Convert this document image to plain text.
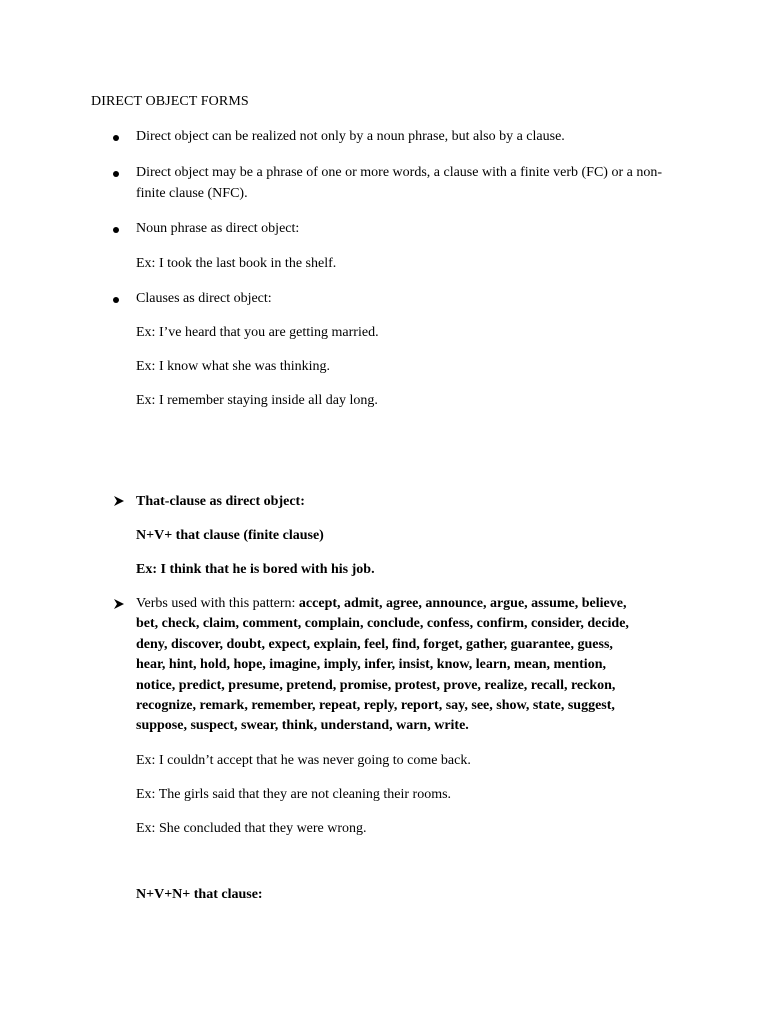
DIRECT OBJECT FORMS
Direct object can be realized not only by a noun phrase, but also by a clause.
Direct object may be a phrase of one or more words, a clause with a finite verb (FC) or a non- finite clause (NFC).
Noun phrase as direct object:
Ex: I took the last book in the shelf.
Clauses as direct object:
Ex: I’ve heard that you are getting married.
Ex: I know what she was thinking.
Ex: I remember staying inside all day long.
That-clause as direct object:
N+V+ that clause (finite clause)
Ex: I think that he is bored with his job.
Verbs used with this pattern: accept, admit, agree, announce, argue, assume, believe,
bet, check, claim, comment, complain, conclude, confess, confirm, consider, decide,
deny, discover, doubt, expect, explain, feel, find, forget, gather, guarantee, guess,
hear, hint, hold, hope, imagine, imply, infer, insist, know, learn, mean, mention,
notice, predict, presume, pretend, promise, protest, prove, realize, recall, reckon,
recognize, remark, remember, repeat, reply, report, say, see, show, state, suggest,
suppose, suspect, swear, think, understand, warn, write.
Ex: I couldn’t accept that he was never going to come back.
Ex: The girls said that they are not cleaning their rooms.
Ex: She concluded that they were wrong.
N+V+N+ that clause:
